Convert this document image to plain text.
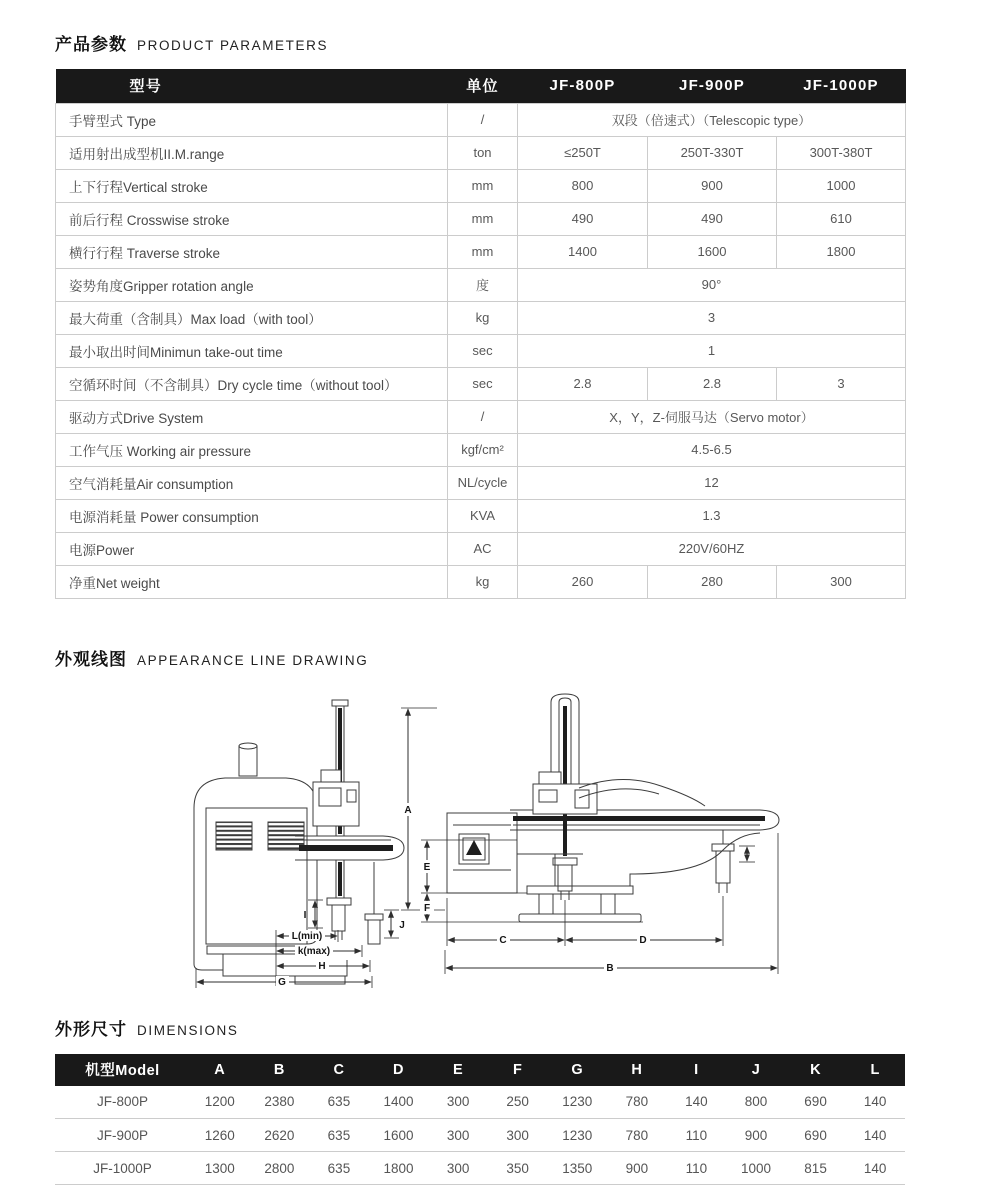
产品参数 PRODUCT PARAMETERS
型号	单位	JF-800P	JF-900P	JF-1000P
手臂型式 Type	/	双段（倍速式）（Telescopic type）		
适用射出成型机II.M.range	ton	≤250T	250T-330T	300T-380T
上下行程Vertical stroke	mm	800	900	1000
前后行程 Crosswise stroke	mm	490	490	610
横行行程 Traverse stroke	mm	1400	1600	1800
姿势角度Gripper rotation angle	度	90°		
最大荷重（含制具）Max load（with tool）	kg	3		
最小取出时间Minimun take-out time	sec	1		
空循环时间（不含制具）Dry cycle time（without tool）	sec	2.8	2.8	3
驱动方式Drive System	/	X，Y，Z-伺服马达（Servo motor）		
工作气压 Working air pressure	kgf/cm²	4.5-6.5		
空气消耗量Air consumption	NL/cycle	12		
电源消耗量 Power consumption	KVA	1.3		
电源Power	AC	220V/60HZ		
净重Net weight	kg	260	280	300
外观线图 APPEARANCE LINE DRAWING
I
J
L(min)
k(max)
H
G
A
E
F
C	D
B
外形尺寸 DIMENSIONS
机型Model	A	B	C	D	E	F	G	H	I	J	K	L
JF-800P	1200	2380	635	1400	300	250	1230	780	140	800	690	140
JF-900P	1260	2620	635	1600	300	300	1230	780	110	900	690	140
JF-1000P	1300	2800	635	1800	300	350	1350	900	110	1000	815	140
